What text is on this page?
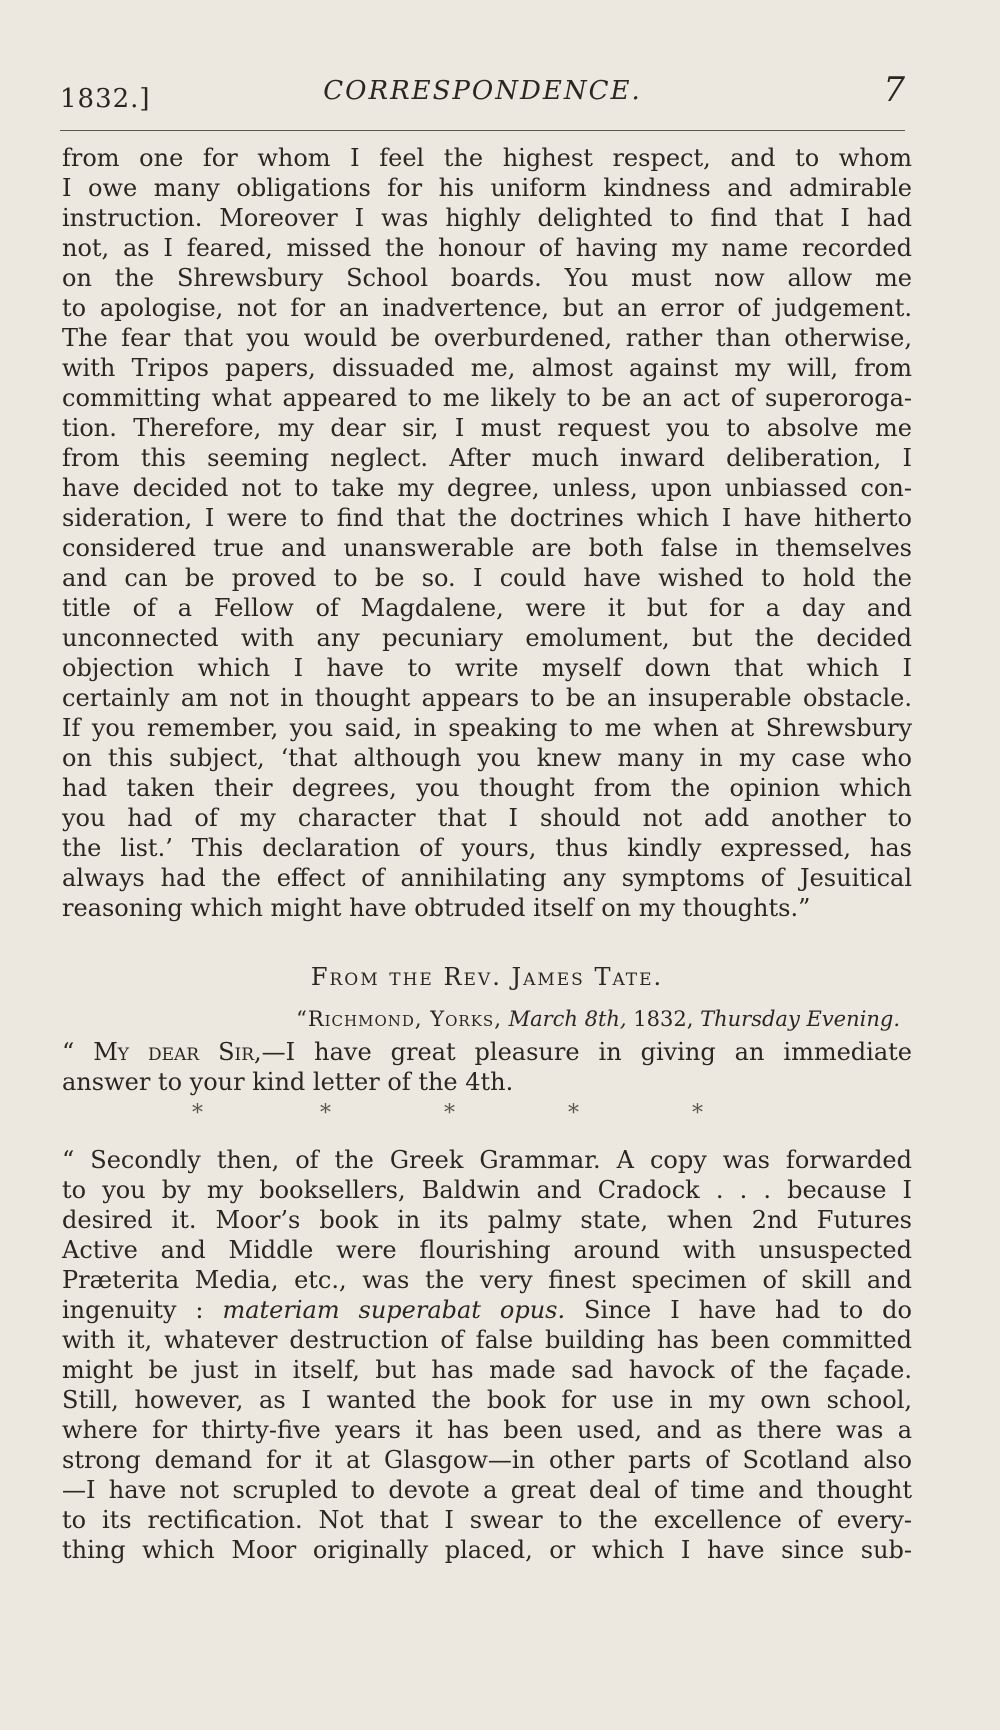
1832.]	CORRESPONDENCE.	7
from one for whom I feel the highest respect, and to whom
I owe many obligations for his uniform kindness and admirable
instruction. Moreover I was highly delighted to find that I had
not, as I feared, missed the honour of having my name recorded
on the Shrewsbury School boards. You must now allow me
to apologise, not for an inadvertence, but an error of judgement.
The fear that you would be overburdened, rather than otherwise,
with Tripos papers, dissuaded me, almost against my will, from
committing what appeared to me likely to be an act of superoroga-
tion. Therefore, my dear sir, I must request you to absolve me
from this seeming neglect. After much inward deliberation, I
have decided not to take my degree, unless, upon unbiassed con-
sideration, I were to find that the doctrines which I have hitherto
considered true and unanswerable are both false in themselves
and can be proved to be so. I could have wished to hold the
title of a Fellow of Magdalene, were it but for a day and
unconnected with any pecuniary emolument, but the decided
objection which I have to write myself down that which I
certainly am not in thought appears to be an insuperable obstacle.
If you remember, you said, in speaking to me when at Shrewsbury
on this subject, ‘that although you knew many in my case who
had taken their degrees, you thought from the opinion which
you had of my character that I should not add another to
the list.’ This declaration of yours, thus kindly expressed, has
always had the effect of annihilating any symptoms of Jesuitical
reasoning which might have obtruded itself on my thoughts.”
From the Rev. James Tate.
“Richmond, Yorks, March 8th, 1832, Thursday Evening.
“ My dear Sir,—I have great pleasure in giving an immediate
answer to your kind letter of the 4th.
*	*	*	*	*
“ Secondly then, of the Greek Grammar. A copy was forwarded
to you by my booksellers, Baldwin and Cradock . . . because I
desired it. Moor’s book in its palmy state, when 2nd Futures
Active and Middle were flourishing around with unsuspected
Præterita Media, etc., was the very finest specimen of skill and
ingenuity : materiam superabat opus. Since I have had to do
with it, whatever destruction of false building has been committed
might be just in itself, but has made sad havock of the façade.
Still, however, as I wanted the book for use in my own school,
where for thirty-five years it has been used, and as there was a
strong demand for it at Glasgow—in other parts of Scotland also
—I have not scrupled to devote a great deal of time and thought
to its rectification. Not that I swear to the excellence of every-
thing which Moor originally placed, or which I have since sub-
